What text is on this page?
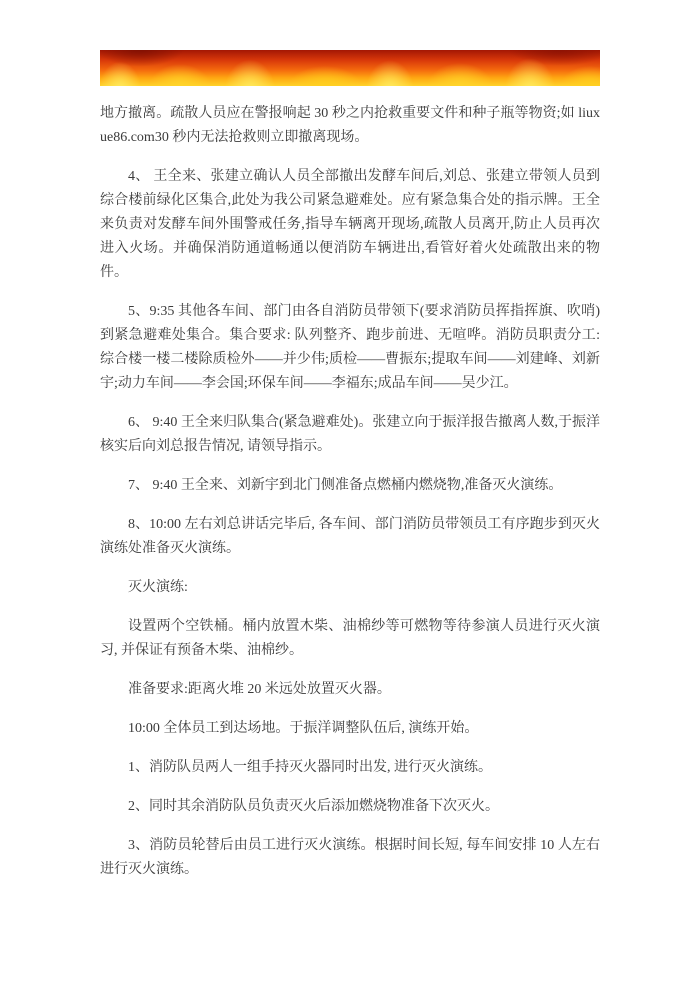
地方撤离。疏散人员应在警报响起 30 秒之内抢救重要文件和种子瓶等物资;如 liuxue86.com30 秒内无法抢救则立即撤离现场。

4、 王全来、张建立确认人员全部撤出发酵车间后,刘总、张建立带领人员到综合楼前绿化区集合,此处为我公司紧急避难处。应有紧急集合处的指示牌。王全来负责对发酵车间外围警戒任务,指导车辆离开现场,疏散人员离开,防止人员再次进入火场。并确保消防通道畅通以便消防车辆进出,看管好着火处疏散出来的物件。

5、9:35 其他各车间、部门由各自消防员带领下(要求消防员挥指挥旗、吹哨)到紧急避难处集合。集合要求: 队列整齐、跑步前进、无喧哗。消防员职责分工:综合楼一楼二楼除质检外——并少伟;质检——曹振东;提取车间——刘建峰、刘新宇;动力车间——李会国;环保车间——李福东;成品车间——吴少江。

6、 9:40 王全来归队集合(紧急避难处)。张建立向于振洋报告撤离人数,于振洋核实后向刘总报告情况, 请领导指示。

7、 9:40 王全来、刘新宇到北门侧准备点燃桶内燃烧物,准备灭火演练。

8、10:00 左右刘总讲话完毕后, 各车间、部门消防员带领员工有序跑步到灭火演练处准备灭火演练。

灭火演练:

设置两个空铁桶。桶内放置木柴、油棉纱等可燃物等待参演人员进行灭火演习, 并保证有预备木柴、油棉纱。

准备要求:距离火堆 20 米远处放置灭火器。

10:00 全体员工到达场地。于振洋调整队伍后, 演练开始。

1、消防队员两人一组手持灭火器同时出发, 进行灭火演练。

2、同时其余消防队员负责灭火后添加燃烧物准备下次灭火。

3、消防员轮替后由员工进行灭火演练。根据时间长短, 每车间安排 10 人左右进行灭火演练。
